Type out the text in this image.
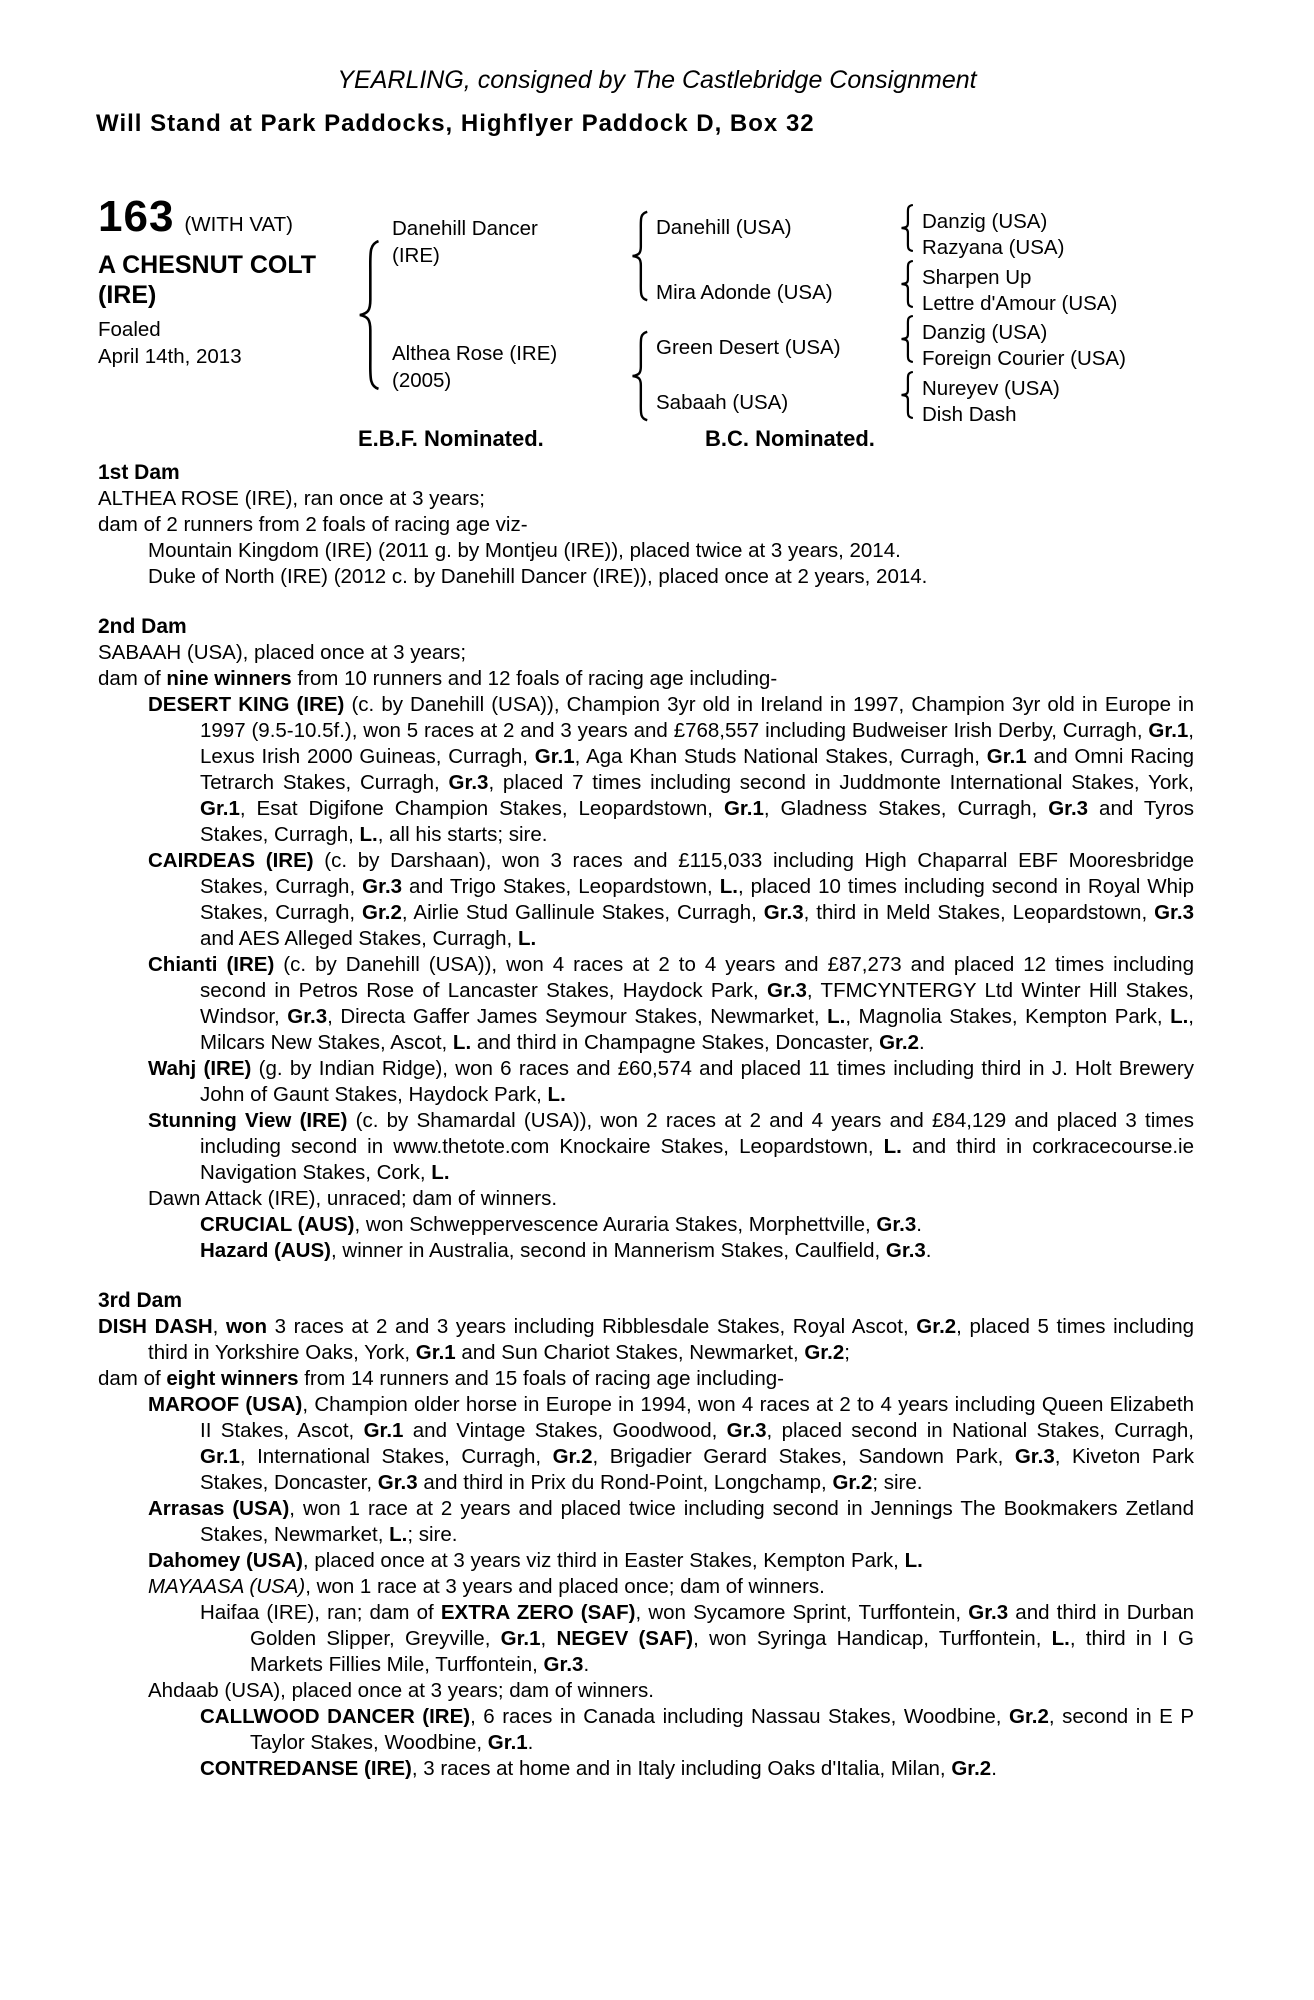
YEARLING, consigned by The Castlebridge Consignment
Will Stand at Park Paddocks, Highflyer Paddock D, Box 32
163 (WITH VAT)
A CHESNUT COLT
(IRE)
Foaled
April 14th, 2013
Danehill Dancer
(IRE)
Althea Rose (IRE)
(2005)
Danehill (USA)
Mira Adonde (USA)
Green Desert (USA)
Sabaah (USA)
Danzig (USA)
Razyana (USA)
Sharpen Up
Lettre d'Amour (USA)
Danzig (USA)
Foreign Courier (USA)
Nureyev (USA)
Dish Dash
E.B.F. Nominated.	B.C. Nominated.
1st Dam

ALTHEA ROSE (IRE), ran once at 3 years;

dam of 2 runners from 2 foals of racing age viz-

Mountain Kingdom (IRE) (2011 g. by Montjeu (IRE)), placed twice at 3 years, 2014.

Duke of North (IRE) (2012 c. by Danehill Dancer (IRE)), placed once at 2 years, 2014.

2nd Dam

SABAAH (USA), placed once at 3 years;

dam of nine winners from 10 runners and 12 foals of racing age including-

DESERT KING (IRE) (c. by Danehill (USA)), Champion 3yr old in Ireland in 1997, Champion 3yr old in Europe in 1997 (9.5-10.5f.), won 5 races at 2 and 3 years and £768,557 including Budweiser Irish Derby, Curragh, Gr.1, Lexus Irish 2000 Guineas, Curragh, Gr.1, Aga Khan Studs National Stakes, Curragh, Gr.1 and Omni Racing Tetrarch Stakes, Curragh, Gr.3, placed 7 times including second in Juddmonte International Stakes, York, Gr.1, Esat Digifone Champion Stakes, Leopardstown, Gr.1, Gladness Stakes, Curragh, Gr.3 and Tyros Stakes, Curragh, L., all his starts; sire.

CAIRDEAS (IRE) (c. by Darshaan), won 3 races and £115,033 including High Chaparral EBF Mooresbridge Stakes, Curragh, Gr.3 and Trigo Stakes, Leopardstown, L., placed 10 times including second in Royal Whip Stakes, Curragh, Gr.2, Airlie Stud Gallinule Stakes, Curragh, Gr.3, third in Meld Stakes, Leopardstown, Gr.3 and AES Alleged Stakes, Curragh, L.

Chianti (IRE) (c. by Danehill (USA)), won 4 races at 2 to 4 years and £87,273 and placed 12 times including second in Petros Rose of Lancaster Stakes, Haydock Park, Gr.3, TFMCYNTERGY Ltd Winter Hill Stakes, Windsor, Gr.3, Directa Gaffer James Seymour Stakes, Newmarket, L., Magnolia Stakes, Kempton Park, L., Milcars New Stakes, Ascot, L. and third in Champagne Stakes, Doncaster, Gr.2.

Wahj (IRE) (g. by Indian Ridge), won 6 races and £60,574 and placed 11 times including third in J. Holt Brewery John of Gaunt Stakes, Haydock Park, L.

Stunning View (IRE) (c. by Shamardal (USA)), won 2 races at 2 and 4 years and £84,129 and placed 3 times including second in www.thetote.com Knockaire Stakes, Leopardstown, L. and third in corkracecourse.ie Navigation Stakes, Cork, L.

Dawn Attack (IRE), unraced; dam of winners.

CRUCIAL (AUS), won Schweppervescence Auraria Stakes, Morphettville, Gr.3.

Hazard (AUS), winner in Australia, second in Mannerism Stakes, Caulfield, Gr.3.

3rd Dam

DISH DASH, won 3 races at 2 and 3 years including Ribblesdale Stakes, Royal Ascot, Gr.2, placed 5 times including third in Yorkshire Oaks, York, Gr.1 and Sun Chariot Stakes, Newmarket, Gr.2;

dam of eight winners from 14 runners and 15 foals of racing age including-

MAROOF (USA), Champion older horse in Europe in 1994, won 4 races at 2 to 4 years including Queen Elizabeth II Stakes, Ascot, Gr.1 and Vintage Stakes, Goodwood, Gr.3, placed second in National Stakes, Curragh, Gr.1, International Stakes, Curragh, Gr.2, Brigadier Gerard Stakes, Sandown Park, Gr.3, Kiveton Park Stakes, Doncaster, Gr.3 and third in Prix du Rond-Point, Longchamp, Gr.2; sire.

Arrasas (USA), won 1 race at 2 years and placed twice including second in Jennings The Bookmakers Zetland Stakes, Newmarket, L.; sire.

Dahomey (USA), placed once at 3 years viz third in Easter Stakes, Kempton Park, L.

MAYAASA (USA), won 1 race at 3 years and placed once; dam of winners.

Haifaa (IRE), ran; dam of EXTRA ZERO (SAF), won Sycamore Sprint, Turffontein, Gr.3 and third in Durban Golden Slipper, Greyville, Gr.1, NEGEV (SAF), won Syringa Handicap, Turffontein, L., third in I G Markets Fillies Mile, Turffontein, Gr.3.

Ahdaab (USA), placed once at 3 years; dam of winners.

CALLWOOD DANCER (IRE), 6 races in Canada including Nassau Stakes, Woodbine, Gr.2, second in E P Taylor Stakes, Woodbine, Gr.1.

CONTREDANSE (IRE), 3 races at home and in Italy including Oaks d'Italia, Milan, Gr.2.
